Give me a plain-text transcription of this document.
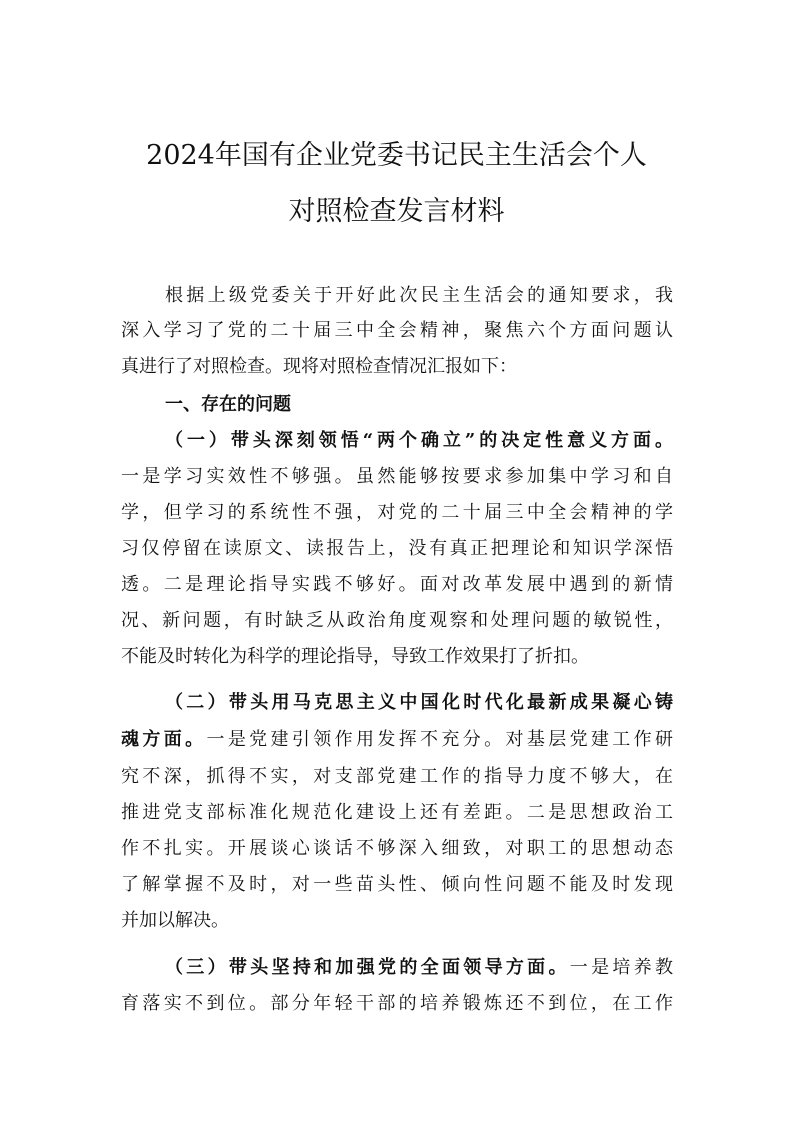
2024年国有企业党委书记民主生活会个人
对照检查发言材料
根据上级党委关于开好此次民主生活会的通知要求，我
深入学习了党的二十届三中全会精神，聚焦六个方面问题认
真进行了对照检查。现将对照检查情况汇报如下：
一、存在的问题
（一）带头深刻领悟“两个确立”的决定性意义方面。
一是学习实效性不够强。虽然能够按要求参加集中学习和自
学，但学习的系统性不强，对党的二十届三中全会精神的学
习仅停留在读原文、读报告上，没有真正把理论和知识学深悟
透。二是理论指导实践不够好。面对改革发展中遇到的新情
况、新问题，有时缺乏从政治角度观察和处理问题的敏锐性，
不能及时转化为科学的理论指导，导致工作效果打了折扣。
（二）带头用马克思主义中国化时代化最新成果凝心铸
魂方面。一是党建引领作用发挥不充分。对基层党建工作研
究不深，抓得不实，对支部党建工作的指导力度不够大，在
推进党支部标准化规范化建设上还有差距。二是思想政治工
作不扎实。开展谈心谈话不够深入细致，对职工的思想动态
了解掌握不及时，对一些苗头性、倾向性问题不能及时发现
并加以解决。
（三）带头坚持和加强党的全面领导方面。一是培养教
育落实不到位。部分年轻干部的培养锻炼还不到位，在工作
